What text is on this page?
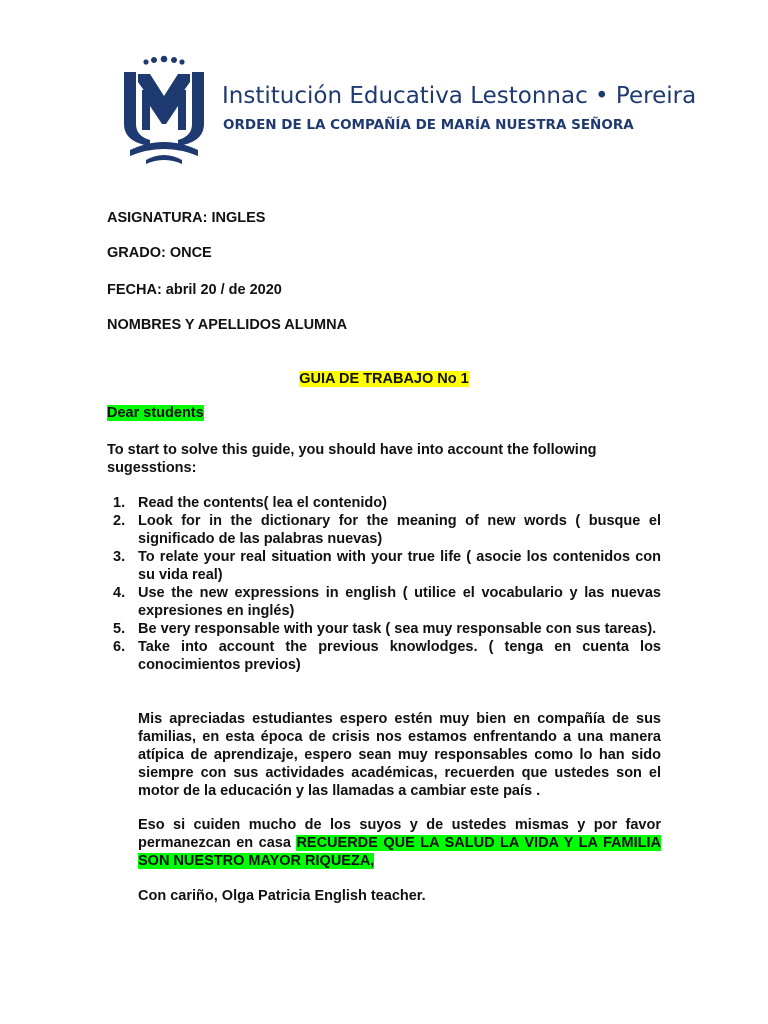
Institución Educativa Lestonnac • Pereira
ORDEN DE LA COMPAÑÍA DE MARÍA NUESTRA SEÑORA
ASIGNATURA: INGLES
GRADO: ONCE
FECHA: abril 20 / de 2020
NOMBRES Y APELLIDOS ALUMNA
GUIA DE TRABAJO No 1
Dear students

To start to solve this guide, you should have into account the following sugesstions:

1. Read the contents( lea el contenido)
2. Look for in the dictionary for the meaning of new words ( busque el significado de las palabras nuevas)
3. To relate your real situation with your true life ( asocie los contenidos con su vida real)
4. Use the new expressions in english ( utilice el vocabulario y las nuevas expresiones en inglés)
5. Be very responsable with your task ( sea muy responsable con sus tareas).
6. Take into account the previous knowlodges. ( tenga en cuenta los conocimientos previos)

Mis apreciadas estudiantes espero estén muy bien en compañía de sus familias, en esta época de crisis nos estamos enfrentando a una manera atípica de aprendizaje, espero sean muy responsables como lo han sido siempre con sus actividades académicas, recuerden que ustedes son el motor de la educación y las llamadas a cambiar este país .

Eso si cuiden mucho de los suyos y de ustedes mismas y por favor permanezcan en casa RECUERDE QUE LA SALUD LA VIDA Y LA FAMILIA SON NUESTRO MAYOR RIQUEZA,

Con cariño, Olga Patricia English teacher.
